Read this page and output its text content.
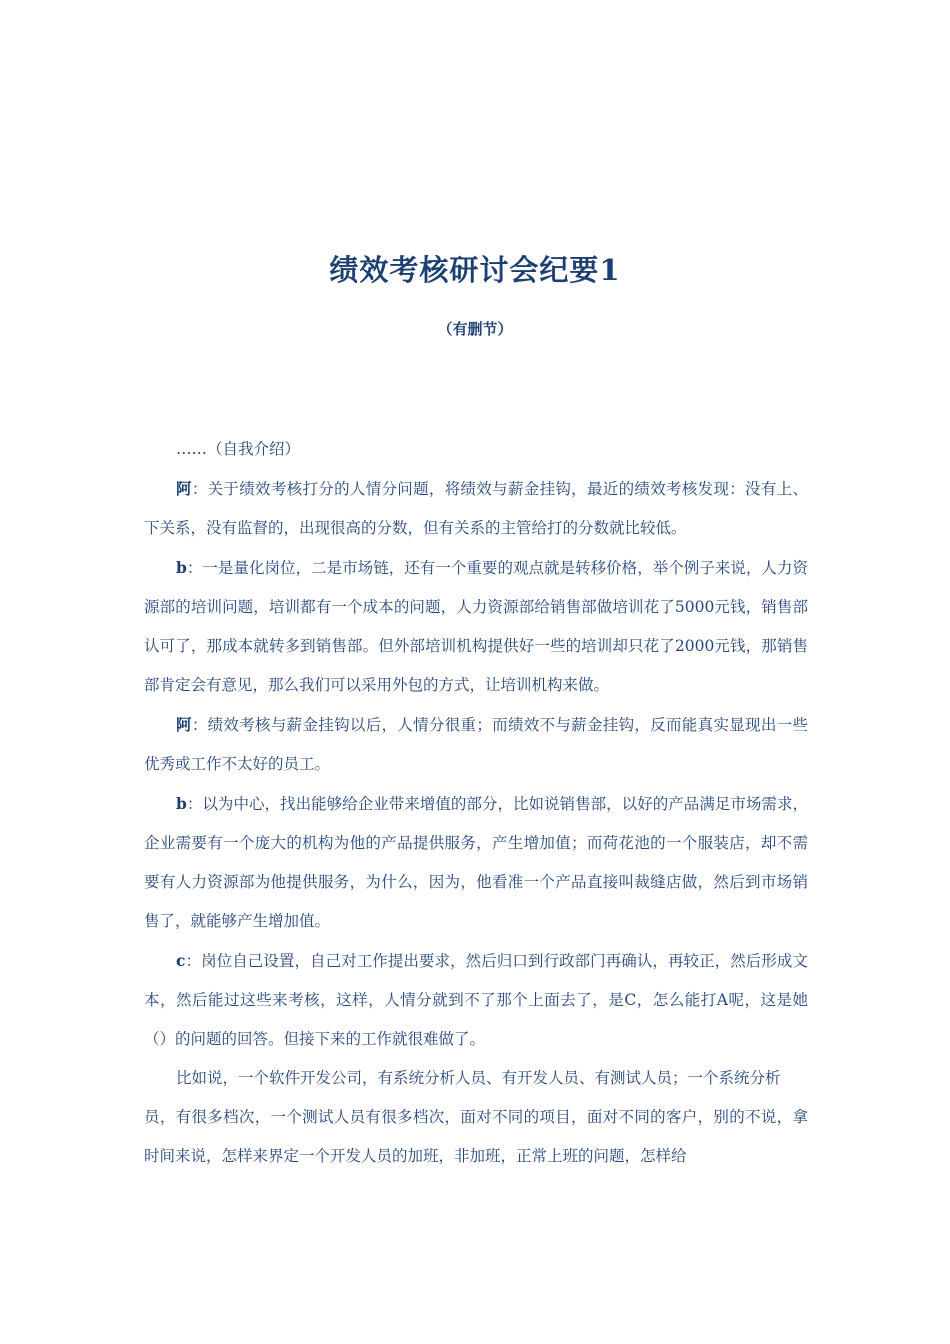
绩效考核研讨会纪要1
（有删节）

……（自我介绍）

阿：关于绩效考核打分的人情分问题，将绩效与薪金挂钩，最近的绩效考核发现：没有上、下关系，没有监督的，出现很高的分数，但有关系的主管给打的分数就比较低。

b：一是量化岗位，二是市场链，还有一个重要的观点就是转移价格，举个例子来说，人力资源部的培训问题，培训都有一个成本的问题，人力资源部给销售部做培训花了5000元钱，销售部认可了，那成本就转多到销售部。但外部培训机构提供好一些的培训却只花了2000元钱，那销售部肯定会有意见，那么我们可以采用外包的方式，让培训机构来做。

阿：绩效考核与薪金挂钩以后，人情分很重；而绩效不与薪金挂钩，反而能真实显现出一些优秀或工作不太好的员工。

b：以为中心，找出能够给企业带来增值的部分，比如说销售部，以好的产品满足市场需求，企业需要有一个庞大的机构为他的产品提供服务，产生增加值；而荷花池的一个服装店，却不需要有人力资源部为他提供服务，为什么，因为，他看准一个产品直接叫裁缝店做，然后到市场销售了，就能够产生增加值。

c：岗位自己设置，自己对工作提出要求，然后归口到行政部门再确认，再较正，然后形成文本，然后能过这些来考核，这样，人情分就到不了那个上面去了，是C，怎么能打A呢，这是她（）的问题的回答。但接下来的工作就很难做了。

比如说，一个软件开发公司，有系统分析人员、有开发人员、有测试人员；一个系统分析

员，有很多档次，一个测试人员有很多档次，面对不同的项目，面对不同的客户，别的不说，拿时间来说，怎样来界定一个开发人员的加班，非加班，正常上班的问题，怎样给
